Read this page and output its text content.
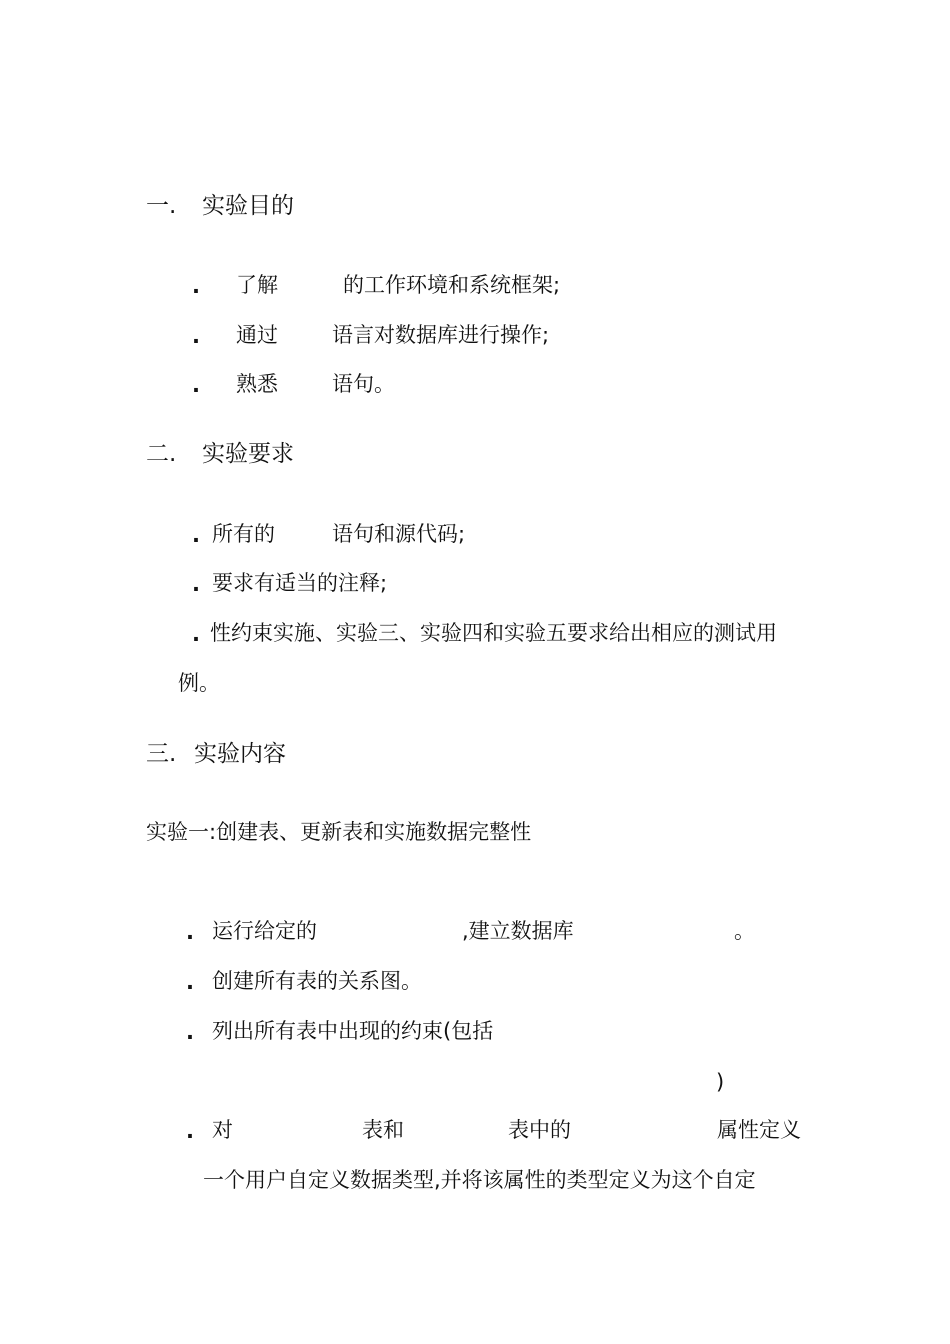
一. 实验目的
. 了解	的工作环境和系统框架;
. 通过	语言对数据库进行操作;
. 熟悉	语句。
二. 实验要求
. 所有的	语句和源代码;
. 要求有适当的注释;
. 性约束实施、实验三、实验四和实验五要求给出相应的测试用
例。
三. 实验内容
实验一:创建表、更新表和实施数据完整性
. 运行给定的	,建立数据库	。
. 创建所有表的关系图。
. 列出所有表中出现的约束(包括
)
. 对	表和	表中的	属性定义
一个用户自定义数据类型,并将该属性的类型定义为这个自定
